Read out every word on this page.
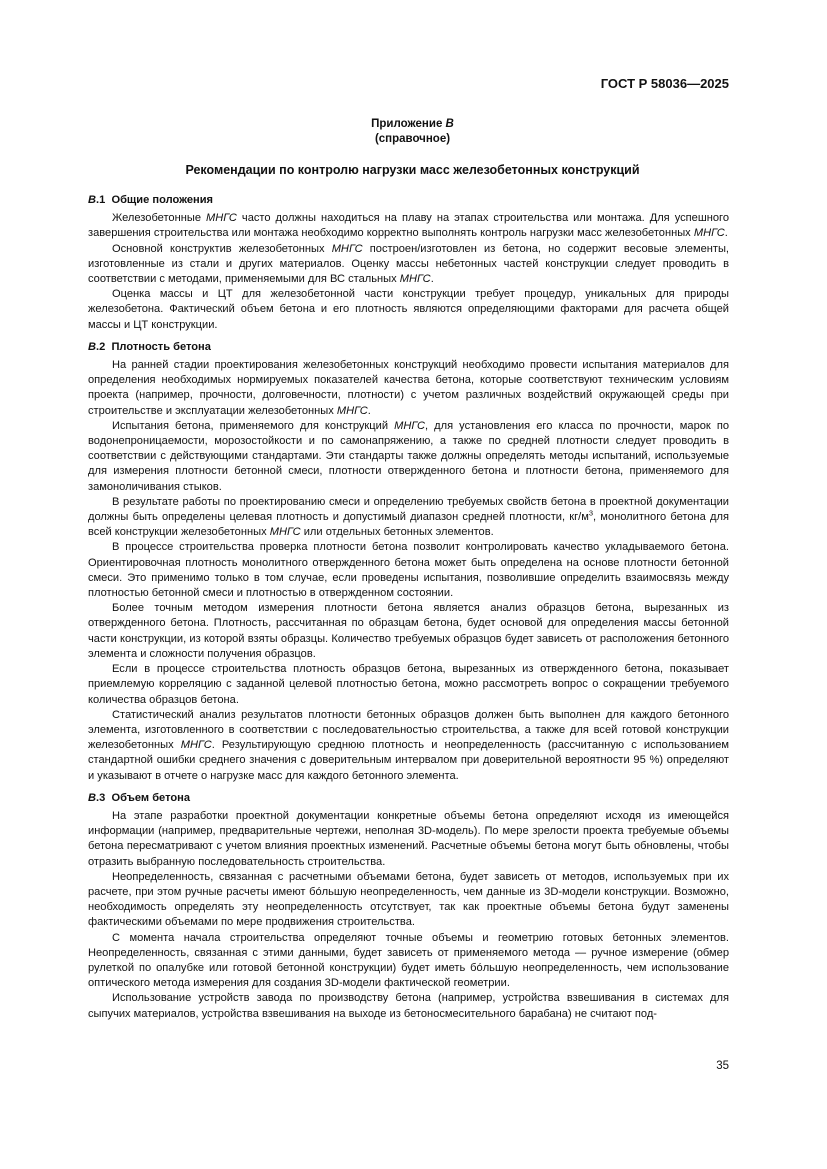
ГОСТ Р 58036—2025
Приложение В
(справочное)
Рекомендации по контролю нагрузки масс железобетонных конструкций
В.1 Общие положения

Железобетонные МНГС часто должны находиться на плаву на этапах строительства или монтажа. Для успешного завершения строительства или монтажа необходимо корректно выполнять контроль нагрузки масс железобетонных МНГС.

Основной конструктив железобетонных МНГС построен/изготовлен из бетона, но содержит весовые элементы, изготовленные из стали и других материалов. Оценку массы небетонных частей конструкции следует проводить в соответствии с методами, применяемыми для ВС стальных МНГС.

Оценка массы и ЦТ для железобетонной части конструкции требует процедур, уникальных для природы железобетона. Фактический объем бетона и его плотность являются определяющими факторами для расчета общей массы и ЦТ конструкции.

В.2 Плотность бетона

На ранней стадии проектирования железобетонных конструкций необходимо провести испытания материалов для определения необходимых нормируемых показателей качества бетона, которые соответствуют техническим условиям проекта (например, прочности, долговечности, плотности) с учетом различных воздействий окружающей среды при строительстве и эксплуатации железобетонных МНГС.

Испытания бетона, применяемого для конструкций МНГС, для установления его класса по прочности, марок по водонепроницаемости, морозостойкости и по самонапряжению, а также по средней плотности следует проводить в соответствии с действующими стандартами. Эти стандарты также должны определять методы испытаний, используемые для измерения плотности бетонной смеси, плотности отвержденного бетона и плотности бетона, применяемого для замоноличивания стыков.

В результате работы по проектированию смеси и определению требуемых свойств бетона в проектной документации должны быть определены целевая плотность и допустимый диапазон средней плотности, $кг/м^3$, монолитного бетона для всей конструкции железобетонных МНГС или отдельных бетонных элементов.

В процессе строительства проверка плотности бетона позволит контролировать качество укладываемого бетона. Ориентировочная плотность монолитного отвержденного бетона может быть определена на основе плотности бетонной смеси. Это применимо только в том случае, если проведены испытания, позволившие определить взаимосвязь между плотностью бетонной смеси и плотностью в отвержденном состоянии.

Более точным методом измерения плотности бетона является анализ образцов бетона, вырезанных из отвержденного бетона. Плотность, рассчитанная по образцам бетона, будет основой для определения массы бетонной части конструкции, из которой взяты образцы. Количество требуемых образцов будет зависеть от расположения бетонного элемента и сложности получения образцов.

Если в процессе строительства плотность образцов бетона, вырезанных из отвержденного бетона, показывает приемлемую корреляцию с заданной целевой плотностью бетона, можно рассмотреть вопрос о сокращении требуемого количества образцов бетона.

Статистический анализ результатов плотности бетонных образцов должен быть выполнен для каждого бетонного элемента, изготовленного в соответствии с последовательностью строительства, а также для всей готовой конструкции железобетонных МНГС. Результирующую среднюю плотность и неопределенность (рассчитанную с использованием стандартной ошибки среднего значения с доверительным интервалом при доверительной вероятности 95 %) определяют и указывают в отчете о нагрузке масс для каждого бетонного элемента.

В.3 Объем бетона

На этапе разработки проектной документации конкретные объемы бетона определяют исходя из имеющейся информации (например, предварительные чертежи, неполная 3D-модель). По мере зрелости проекта требуемые объемы бетона пересматривают с учетом влияния проектных изменений. Расчетные объемы бетона могут быть обновлены, чтобы отразить выбранную последовательность строительства.

Неопределенность, связанная с расчетными объемами бетона, будет зависеть от методов, используемых при их расчете, при этом ручные расчеты имеют бóльшую неопределенность, чем данные из 3D-модели конструкции. Возможно, необходимость определять эту неопределенность отсутствует, так как проектные объемы бетона будут заменены фактическими объемами по мере продвижения строительства.

С момента начала строительства определяют точные объемы и геометрию готовых бетонных элементов. Неопределенность, связанная с этими данными, будет зависеть от применяемого метода — ручное измерение (обмер рулеткой по опалубке или готовой бетонной конструкции) будет иметь бóльшую неопределенность, чем использование оптического метода измерения для создания 3D-модели фактической геометрии.

Использование устройств завода по производству бетона (например, устройства взвешивания в системах для сыпучих материалов, устройства взвешивания на выходе из бетоносмесительного барабана) не считают под-

35
